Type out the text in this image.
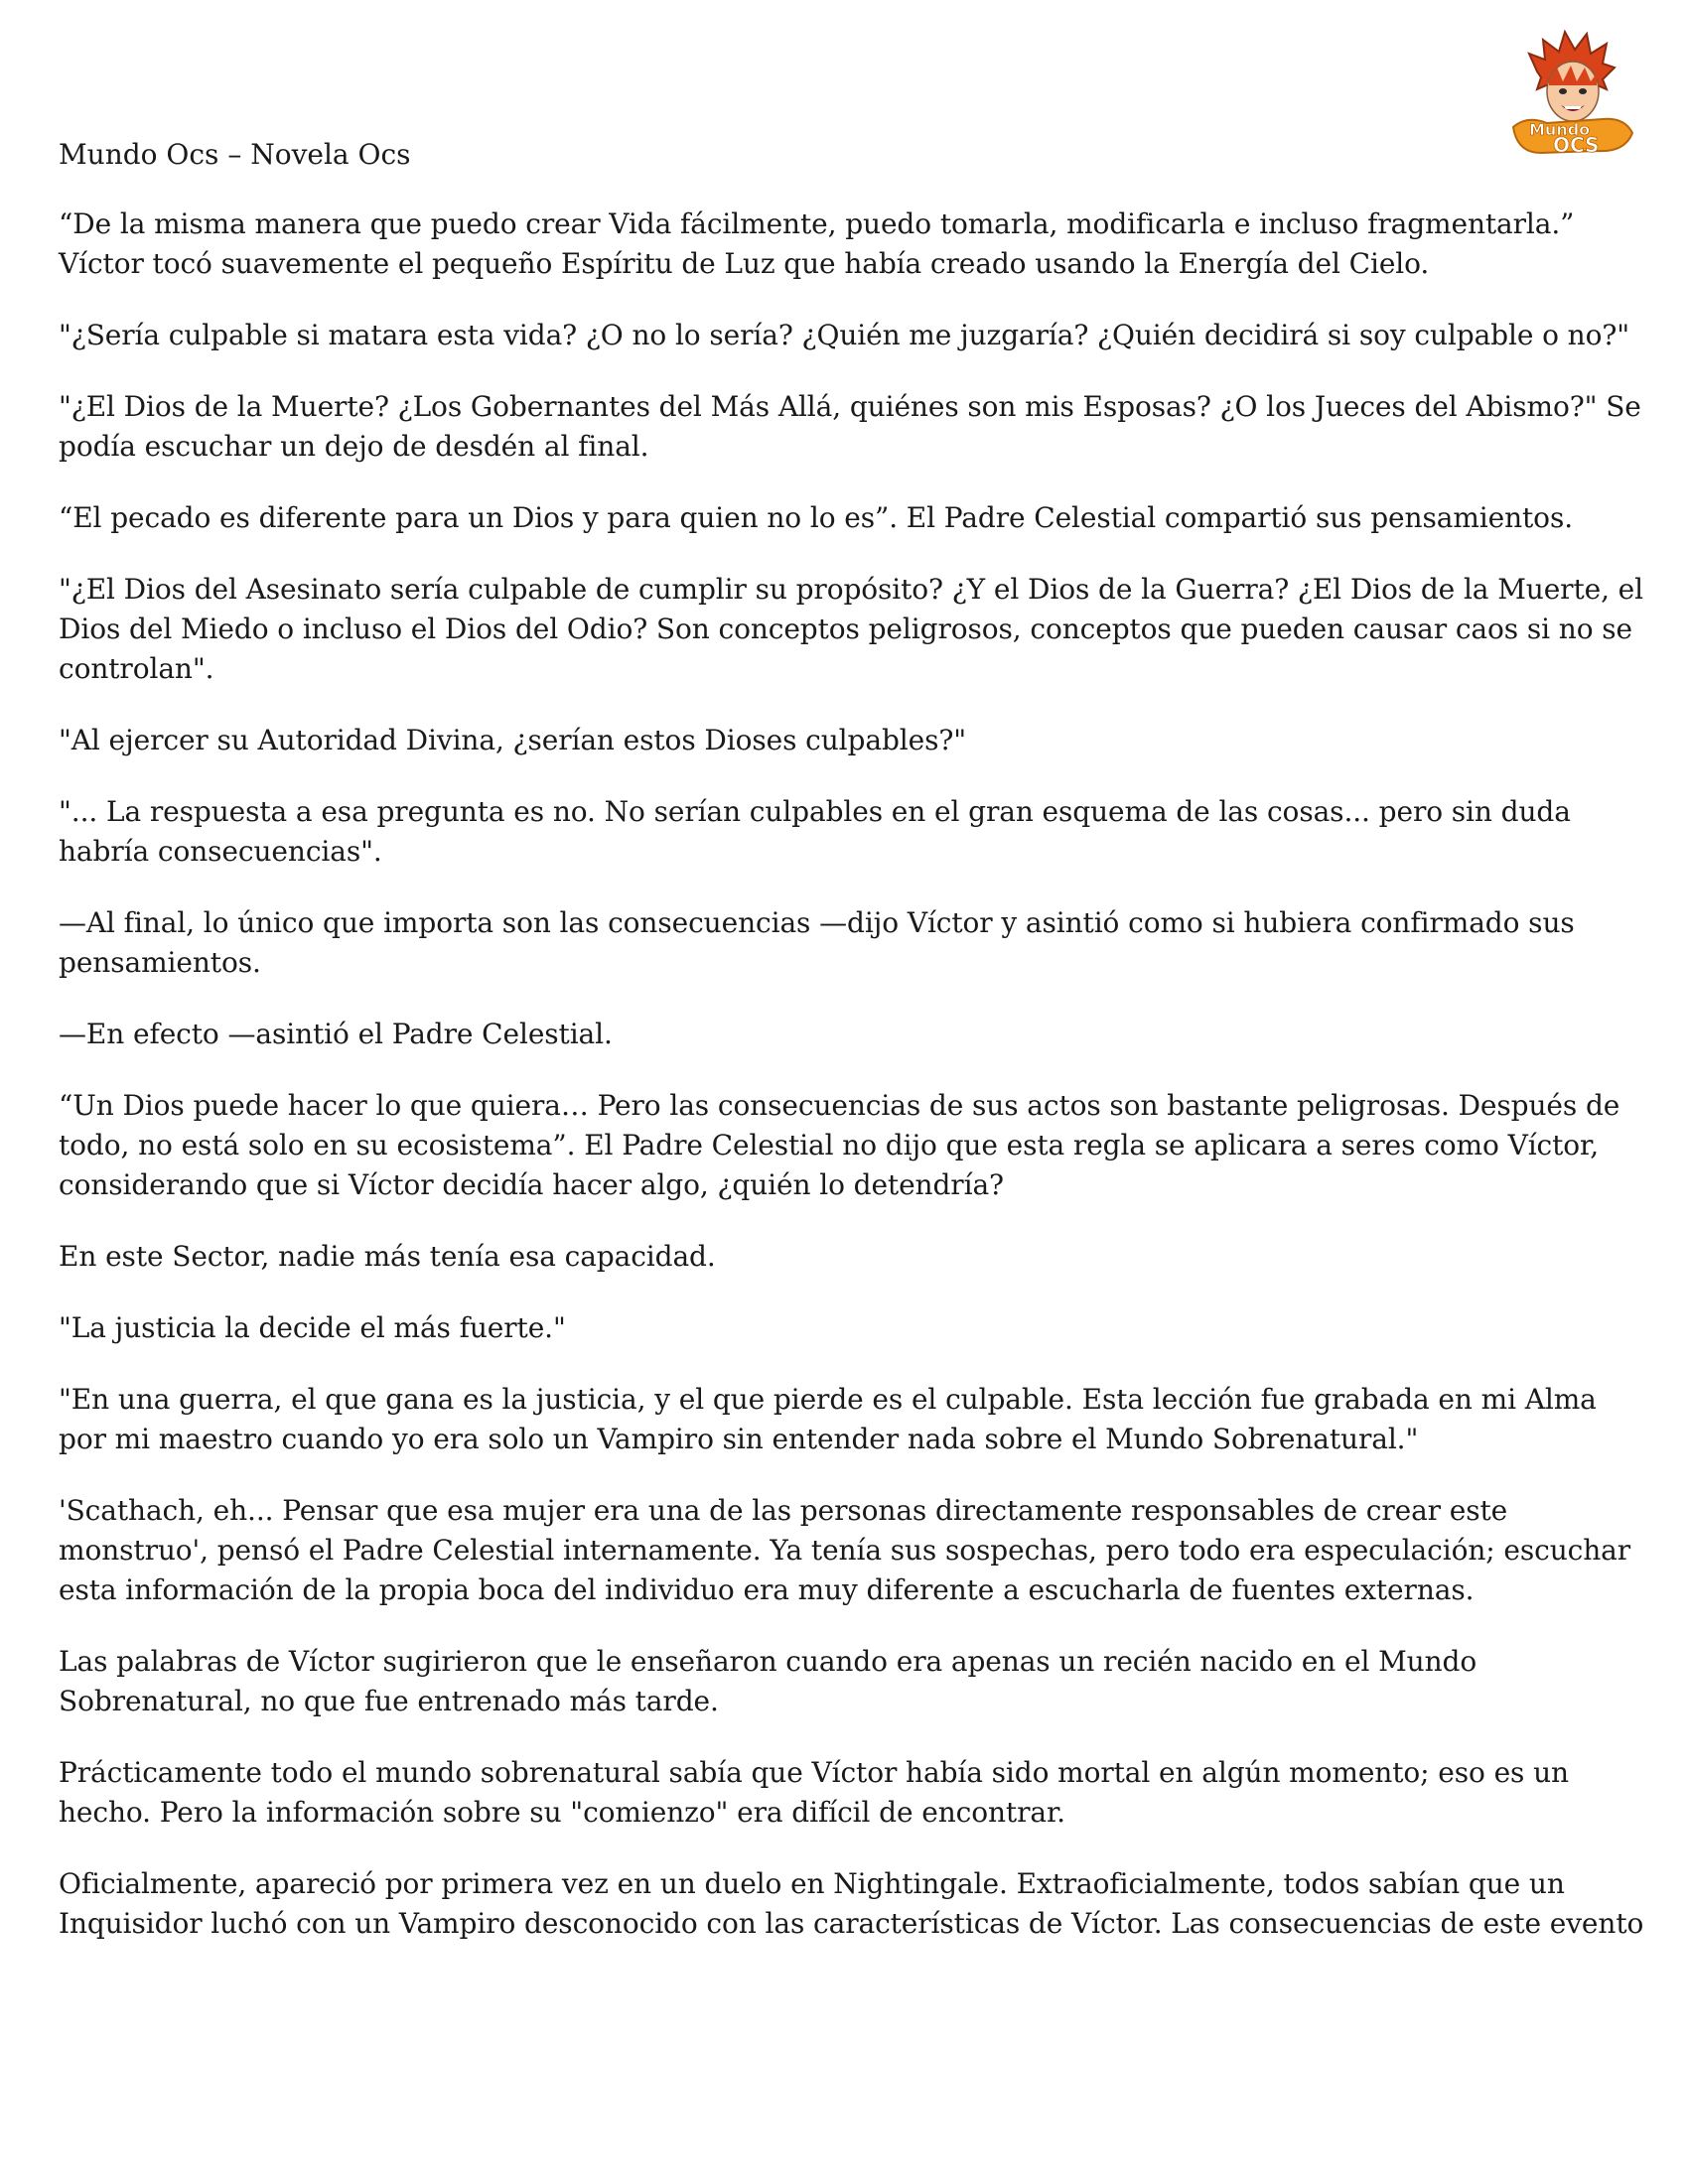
Mundo
OCS
Mundo Ocs – Novela Ocs

“De la misma manera que puedo crear Vida fácilmente, puedo tomarla, modificarla e incluso fragmentarla.” Víctor tocó suavemente el pequeño Espíritu de Luz que había creado usando la Energía del Cielo.

"¿Sería culpable si matara esta vida? ¿O no lo sería? ¿Quién me juzgaría? ¿Quién decidirá si soy culpable o no?"

"¿El Dios de la Muerte? ¿Los Gobernantes del Más Allá, quiénes son mis Esposas? ¿O los Jueces del Abismo?" Se podía escuchar un dejo de desdén al final.

“El pecado es diferente para un Dios y para quien no lo es”. El Padre Celestial compartió sus pensamientos.

"¿El Dios del Asesinato sería culpable de cumplir su propósito? ¿Y el Dios de la Guerra? ¿El Dios de la Muerte, el Dios del Miedo o incluso el Dios del Odio? Son conceptos peligrosos, conceptos que pueden causar caos si no se controlan".

"Al ejercer su Autoridad Divina, ¿serían estos Dioses culpables?"

"... La respuesta a esa pregunta es no. No serían culpables en el gran esquema de las cosas... pero sin duda habría consecuencias".

—Al final, lo único que importa son las consecuencias —dijo Víctor y asintió como si hubiera confirmado sus pensamientos.

—En efecto —asintió el Padre Celestial.

“Un Dios puede hacer lo que quiera… Pero las consecuencias de sus actos son bastante peligrosas. Después de todo, no está solo en su ecosistema”. El Padre Celestial no dijo que esta regla se aplicara a seres como Víctor, considerando que si Víctor decidía hacer algo, ¿quién lo detendría?

En este Sector, nadie más tenía esa capacidad.

"La justicia la decide el más fuerte."

"En una guerra, el que gana es la justicia, y el que pierde es el culpable. Esta lección fue grabada en mi Alma por mi maestro cuando yo era solo un Vampiro sin entender nada sobre el Mundo Sobrenatural."

'Scathach, eh... Pensar que esa mujer era una de las personas directamente responsables de crear este monstruo', pensó el Padre Celestial internamente. Ya tenía sus sospechas, pero todo era especulación; escuchar esta información de la propia boca del individuo era muy diferente a escucharla de fuentes externas.

Las palabras de Víctor sugirieron que le enseñaron cuando era apenas un recién nacido en el Mundo Sobrenatural, no que fue entrenado más tarde.

Prácticamente todo el mundo sobrenatural sabía que Víctor había sido mortal en algún momento; eso es un hecho. Pero la información sobre su "comienzo" era difícil de encontrar.

Oficialmente, apareció por primera vez en un duelo en Nightingale. Extraoficialmente, todos sabían que un Inquisidor luchó con un Vampiro desconocido con las características de Víctor. Las consecuencias de este evento
